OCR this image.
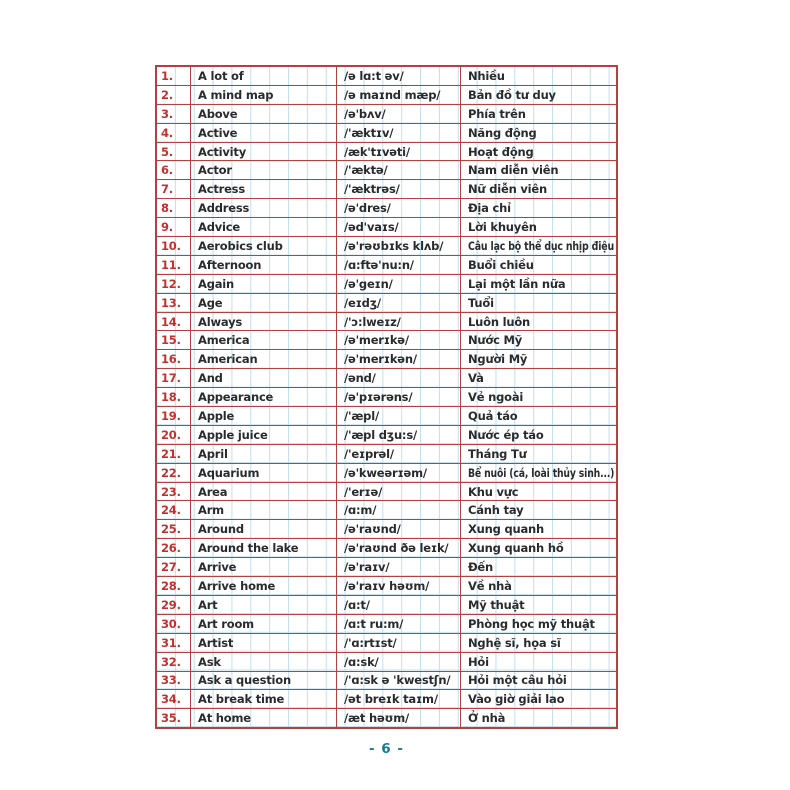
1. A lot of	/ə lɑ:t əv/	Nhiều
2. A mind map	/ə maɪnd mæp/ Bản đồ tư duy
3. Above	/ə'bʌv/	Phía trên
4. Active	/'æktɪv/	Năng động
5. Activity	/æk'tɪvəti/	Hoạt động
6. Actor	/'æktə/	Nam diễn viên
7. Actress	/'æktrəs/	Nữ diễn viên
8. Address	/ə'dres/	Địa chỉ
9. Advice	/əd'vaɪs/	Lời khuyên
10. Aerobics club	/ə'rəʊbɪks klʌb/ Câu lạc bộ thể dục nhịp điệu
11. Afternoon	/ɑ:ftə'nu:n/	Buổi chiều
12. Again	/ə'geɪn/	Lại một lần nữa
13. Age	/eɪdʒ/	Tuổi
14. Always	/'ɔ:lweɪz/	Luôn luôn
15. America	/ə'merɪkə/	Nước Mỹ
16. American	/ə'merɪkən/	Người Mỹ
17. And	/ənd/	Và
18. Appearance	/ə'pɪərəns/	Vẻ ngoài
19. Apple	/'æpl/	Quả táo
20. Apple juice	/'æpl dʒu:s/	Nước ép táo
21. April	/'eɪprəl/	Tháng Tư
22. Aquarium	/ə'kweərɪəm/	Bể nuôi (cá, loài thủy sinh...)
23. Area	/'erɪə/	Khu vực
24. Arm	/ɑ:m/	Cánh tay
25. Around	/ə'raʊnd/	Xung quanh
26. Around the lake	/ə'raʊnd ðə leɪk/ Xung quanh hồ
27. Arrive	/ə'raɪv/	Đến
28. Arrive home	/ə'raɪv həʊm/	Về nhà
29. Art	/ɑ:t/	Mỹ thuật
30. Art room	/ɑ:t ru:m/	Phòng học mỹ thuật
31. Artist	/'ɑ:rtɪst/	Nghệ sĩ, họa sĩ
32. Ask	/ɑ:sk/	Hỏi
33. Ask a question	/'ɑ:sk ə 'kwestʃn/ Hỏi một câu hỏi
34. At break time	/ət breɪk taɪm/	Vào giờ giải lao
35. At home	/æt həʊm/	Ở nhà
- 6 -
